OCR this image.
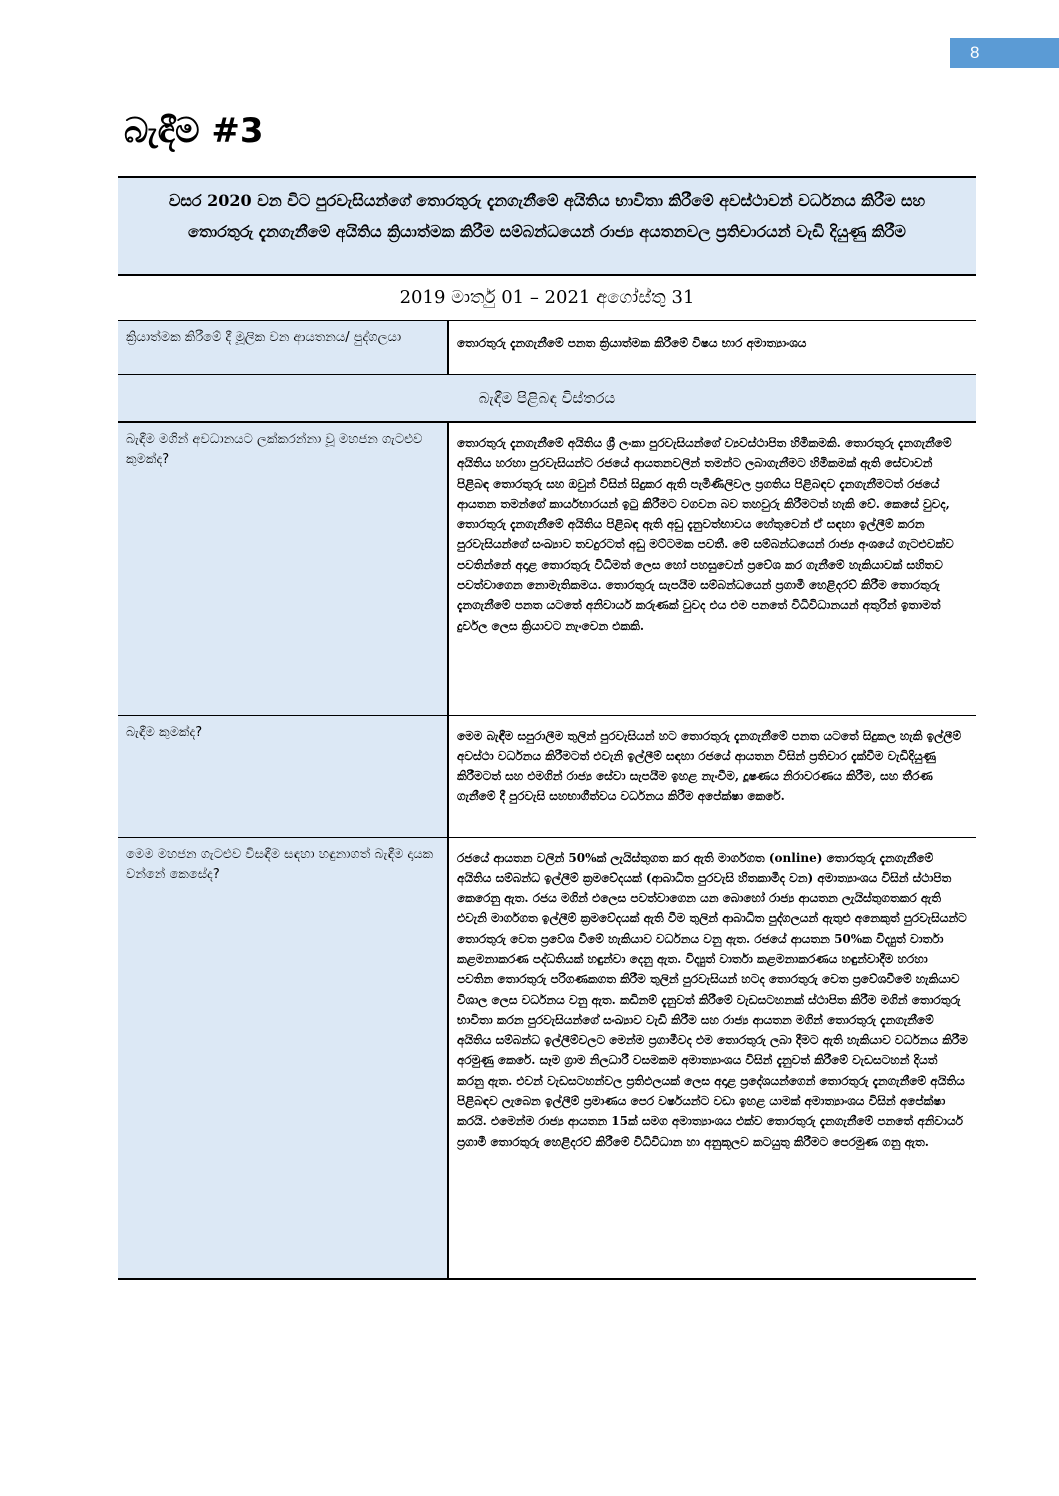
8
බැඳීම #3
වසර 2020 වන විට පුරවැසියන්ගේ තොරතුරු දැනගැනීමේ අයිතිය භාවිතා කිරීමේ අවස්ථාවන් වර්ධනය කිරීම සහ තොරතුරු දැනගැනීමේ අයිතිය ක්‍රියාත්මක කිරීම සම්බන්ධයෙන් රාජ්‍ය අයතනවල ප්‍රතිචාරයන් වැඩි දියුණු කිරීම	
2019 මාර්තු 01 – 2021 අගෝස්තු 31	
ක්‍රියාත්මක කිරීමේ දී මූලික වන ආයතනය/ පුද්ගලයා	තොරතුරු දැනගැනීමේ පනත ක්‍රියාත්මක කිරීමේ විෂය භාර අමාත්‍යාංශය
බැඳීම පිළිබඳ විස්තරය	
බැඳීම මගින් අවධානයට ලක්කරන්නා වූ මහජන ගැටළුව කුමක්ද?	තොරතුරු දැනගැනීමේ අයිතිය ශ්‍රී ලංකා පුරවැසියන්ගේ ව්‍යවස්ථාපිත හිමිකමකි. තොරතුරු දැනගැනීමේ අයිතිය හරහා පුරවැසියන්ට රජයේ ආයතනවලින් තමන්ට ලබාගැනීමට හිමිකමක් ඇති සේවාවන් පිළිබඳ තොරතුරු සහ ඔවුන් විසින් සිදුකර ඇති පැමිණිලිවල ප්‍රගතිය පිළිබඳව දැනගැනීමටත් රජයේ ආයතන තමන්ගේ කාර්යභාරයන් ඉටු කිරීමට වගවන බව තහවුරු කිරීමටත් හැකි වේ. කෙසේ වුවද, තොරතුරු දැනගැනීමේ අයිතිය පිළිබඳ ඇති අඩු දැනුවත්භාවය හේතුවෙන් ඒ සඳහා ඉල්ලීම් කරන පුරවැසියන්ගේ සංඛ්‍යාව තවදුරටත් අඩු මට්ටමක පවතී. මේ සම්බන්ධයෙන් රාජ්‍ය අංශයේ ගැටළුවක්ව පවතින්නේ අදාළ තොරතුරු විධිමත් ලෙස හෝ පහසුවෙන් ප්‍රවේශ කර ගැනීමේ හැකියාවක් සහිතව පවත්වාගෙන නොමැතිකමය. තොරතුරු සැපයීම සම්බන්ධයෙන් ප්‍රගාමී හෙළිදරව් කිරීම තොරතුරු දැනගැනීමේ පනත යටතේ අනිවාර්ය කරුණක් වුවද එය එම පනතේ විධිවිධානයන් අතුරින් ඉතාමත් දුර්වල ලෙස ක්‍රියාවට නැංවෙන එකකි.
බැඳීම කුමක්ද?	මෙම බැඳීම සපුරාලීම තුලින් පුරවැසියන් හට තොරතුරු දැනගැනීමේ පනත යටතේ සිදුකල හැකි ඉල්ලීම් අවස්ථා වර්ධනය කිරීමටත් එවැනි ඉල්ලීම් සඳහා රජයේ ආයතන විසින් ප්‍රතිචාර දැක්වීම වැඩිදියුණු කිරීමටත් සහ එමගින් රාජ්‍ය සේවා සැපයීම ඉහළ නැංවීම, දූෂණය නිරාවරණය කිරීම, සහ තීරණ ගැනීමේ දී පුරවැසි සහභාගීත්වය වර්ධනය කිරීම අපේක්ෂා කෙරේ.
මෙම මහජන ගැටළුව විසඳීම සඳහා හඳුනාගත් බැඳීම දායක වන්නේ කෙසේද?	රජයේ ආයතන වලින් 50%ක් ලැයිස්තුගත කර ඇති මාර්ගගත (online) තොරතුරු දැනගැනීමේ අයිතිය සම්බන්ධ ඉල්ලීම් ක්‍රමවේදයක් (ආබාධිත පුරවැසි හිතකාමීද වන) අමාත්‍යාංශය විසින් ස්ථාපිත කෙරෙනු ඇත. රජය මගින් එලෙස පවත්වාගෙන යන බොහෝ රාජ්‍ය ආයතන ලැයිස්තුගතකර ඇති එවැනි මාර්ගගත ඉල්ලීම් ක්‍රමවේදයක් ඇති වීම තුලින් ආබාධිත පුද්ගලයන් ඇතුළු අනෙකුත් පුරවැසියන්ට තොරතුරු වෙත ප්‍රවේශ වීමේ හැකියාව වර්ධනය වනු ඇත. රජයේ ආයතන 50%ක විද්‍යුත් වාර්තා කළමනාකරණ පද්ධතියක් හඳුන්වා දෙනු ඇත. විද්‍යුත් වාර්තා කළමනාකරණය හඳුන්වාදීම හරහා පවතින තොරතුරු පරිගණකගත කිරීම තුලින් පුරවැසියන් හටද තොරතුරු වෙත ප්‍රවේශවීමේ හැකියාව විශාල ලෙස වර්ධනය වනු ඇත. කඩිනම් දැනුවත් කිරීමේ වැඩසටහනක් ස්ථාපිත කිරීම මගින් තොරතුරු භාවිතා කරන පුරවැසියන්ගේ සංඛ්‍යාව වැඩි කිරීම සහ රාජ්‍ය ආයතන මගින් තොරතුරු දැනගැනීමේ අයිතිය සම්බන්ධ ඉල්ලීම්වලට මෙන්ම ප්‍රගාමීවද එම තොරතුරු ලබා දීමට ඇති හැකියාව වර්ධනය කිරීම අරමුණු කෙරේ. සෑම ග්‍රාම නිලධාරී වසමකම අමාත්‍යාංශය විසින් දැනුවත් කිරීමේ වැඩසටහන් දියත් කරනු ඇත. එවන් වැඩසටහන්වල ප්‍රතිඵලයක් ලෙස අදාළ ප්‍රදේශයන්ගෙන් තොරතුරු දැනගැනීමේ අයිතිය පිළිබඳව ලැබෙන ඉල්ලීම් ප්‍රමාණය පෙර වර්ෂයන්ට වඩා ඉහළ යාමක් අමාත්‍යාංශය විසින් අපේක්ෂා කරයි. එමෙන්ම රාජ්‍ය ආයතන 15ක් සමග අමාත්‍යාංශය එක්ව තොරතුරු දැනගැනීමේ පනතේ අනිවාර්ය ප්‍රගාමී තොරතුරු හෙළිදරව් කිරීමේ විධිවිධාන හා අනුකූලව කටයුතු කිරීමට පෙරමුණ ගනු ඇත.
